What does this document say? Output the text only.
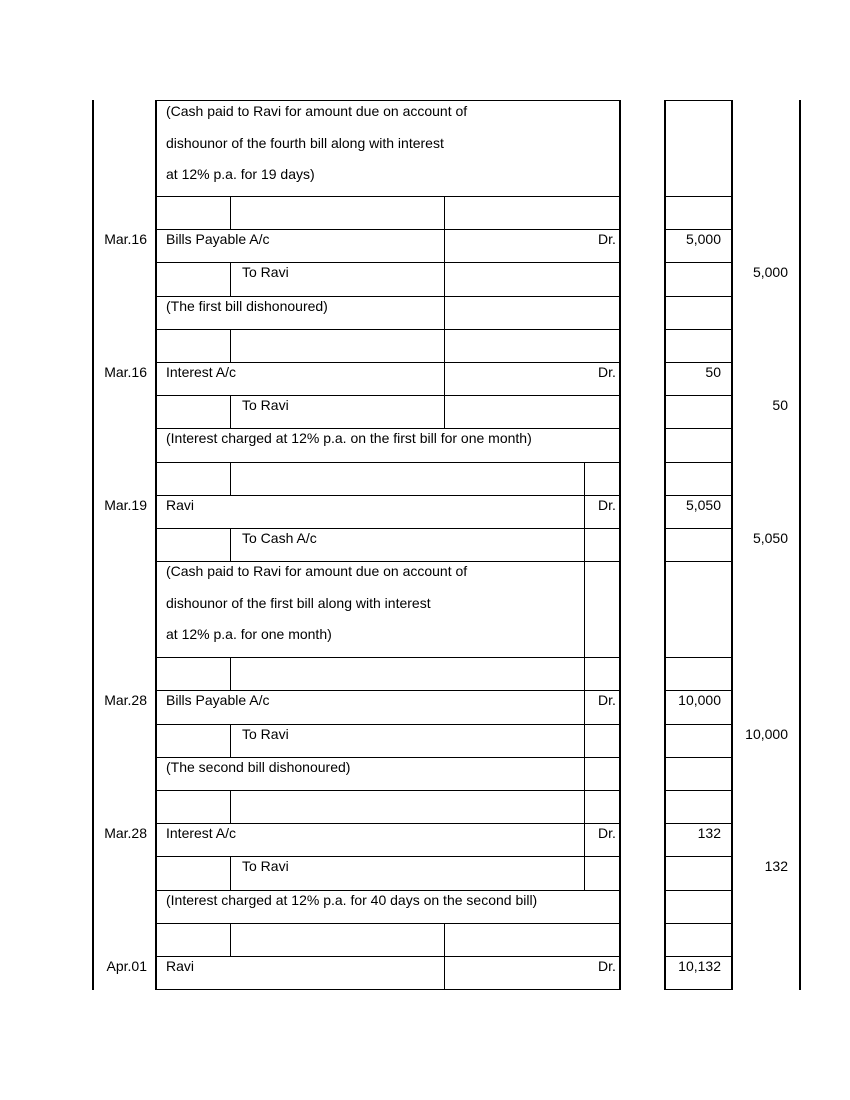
(Cash paid to Ravi for amount due on account of
dishounor of the fourth bill along with interest
at 12% p.a. for 19 days)
Mar.16 Bills Payable A/c	Dr.	5,000
To Ravi	5,000
(The first bill dishonoured)
Mar.16 Interest A/c	Dr.	50
To Ravi	50
(Interest charged at 12% p.a. on the first bill for one month)
Mar.19 Ravi	Dr.	5,050
To Cash A/c	5,050
(Cash paid to Ravi for amount due on account of
dishounor of the first bill along with interest
at 12% p.a. for one month)
Mar.28 Bills Payable A/c	Dr.	10,000
To Ravi	10,000
(The second bill dishonoured)
Mar.28 Interest A/c	Dr.	132
To Ravi	132
(Interest charged at 12% p.a. for 40 days on the second bill)
Apr.01 Ravi	Dr.	10,132
